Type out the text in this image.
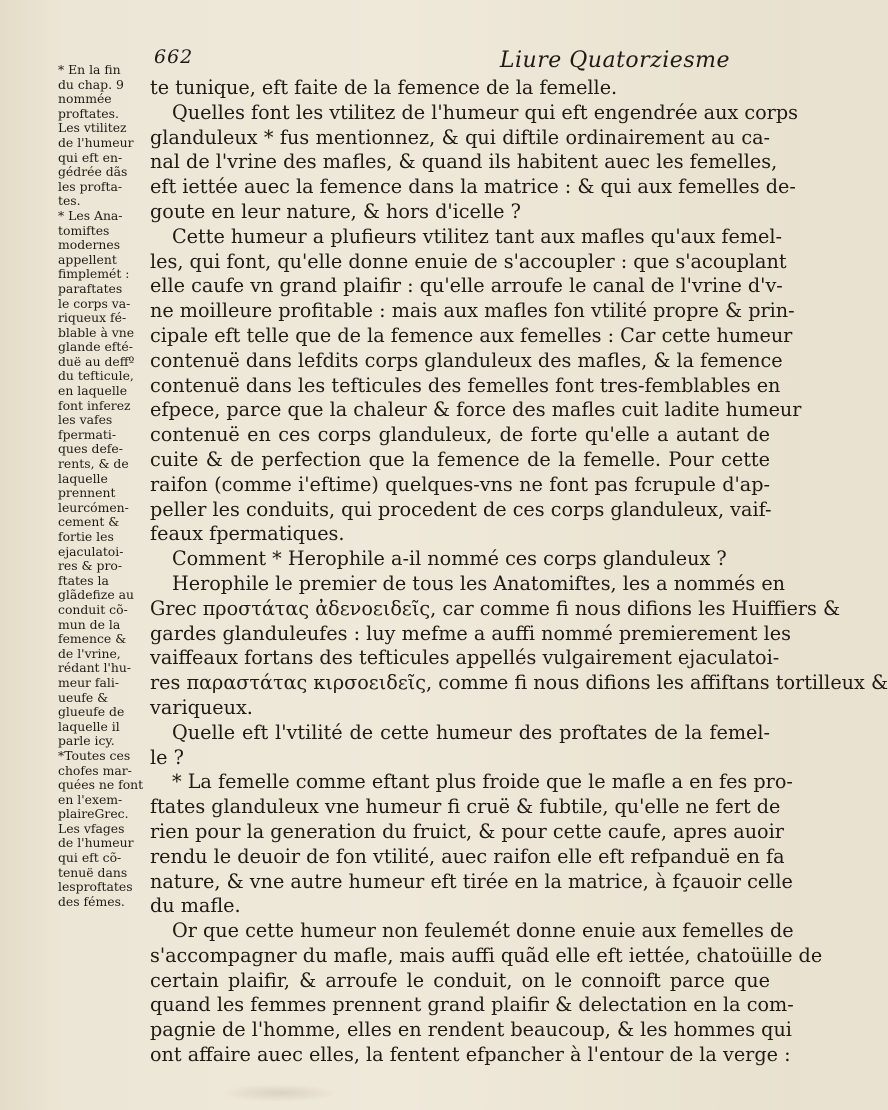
662	Liure Quatorziesme
* En la fin
du chap. 9
nommée
proftates.
Les vtilitez
de l'humeur
qui eft en-
gédrée dãs
les profta-
tes.
* Les Ana-
tomiftes
modernes
appellent
fimplemét :
paraftates
le corps va-
riqueux fé-
blable à vne
glande efté-
duë au deffº
du tefticule,
en laquelle
font inferez
les vafes
fpermati-
ques defe-
rents, & de
laquelle
prennent
leurcómen-
cement &
fortie les
ejaculatoi-
res & pro-
ftates la
glãdefize au
conduit cõ-
mun de la
femence &
de l'vrine,
rédant l'hu-
meur fali-
ueufe &
glueufe de
laquelle il
parle icy.
*Toutes ces
chofes mar-
quées ne font
en l'exem-
plaireGrec.
Les vfages
de l'humeur
qui eft cõ-
tenuë dans
lesproftates
des fémes.
te tunique, eft faite de la femence de la femelle.
Quelles font les vtilitez de l'humeur qui eft engendrée aux corps
glanduleux * fus mentionnez, & qui diftile ordinairement au ca-
nal de l'vrine des mafles, & quand ils habitent auec les femelles,
eft iettée auec la femence dans la matrice : & qui aux femelles de-
goute en leur nature, & hors d'icelle ?
Cette humeur a plufieurs vtilitez tant aux mafles qu'aux femel-
les, qui font, qu'elle donne enuie de s'accoupler : que s'acouplant
elle caufe vn grand plaifir : qu'elle arroufe le canal de l'vrine d'v-
ne moilleure profitable : mais aux mafles fon vtilité propre & prin-
cipale eft telle que de la femence aux femelles : Car cette humeur
contenuë dans lefdits corps glanduleux des mafles, & la femence
contenuë dans les tefticules des femelles font tres-femblables en
efpece, parce que la chaleur & force des mafles cuit ladite humeur
contenuë en ces corps glanduleux, de forte qu'elle a autant de
cuite & de perfection que la femence de la femelle. Pour cette
raifon (comme i'eftime) quelques-vns ne font pas fcrupule d'ap-
peller les conduits, qui procedent de ces corps glanduleux, vaif-
feaux fpermatiques.
Comment * Herophile a-il nommé ces corps glanduleux ?
Herophile le premier de tous les Anatomiftes, les a nommés en
Grec προστάτας ἀδενοειδεῖς, car comme fi nous difions les Huiffiers &
gardes glanduleufes : luy mefme a auffi nommé premierement les
vaiffeaux fortans des tefticules appellés vulgairement ejaculatoi-
res παραστάτας κιρσοειδεῖς, comme fi nous difions les affiftans tortilleux &
variqueux.
Quelle eft l'vtilité de cette humeur des proftates de la femel-
le ?
* La femelle comme eftant plus froide que le mafle a en fes pro-
ftates glanduleux vne humeur fi cruë & fubtile, qu'elle ne fert de
rien pour la generation du fruict, & pour cette caufe, apres auoir
rendu le deuoir de fon vtilité, auec raifon elle eft refpanduë en fa
nature, & vne autre humeur eft tirée en la matrice, à fçauoir celle
du mafle.
Or que cette humeur non feulemét donne enuie aux femelles de
s'accompagner du mafle, mais auffi quãd elle eft iettée, chatoüille de
certain plaifir, & arroufe le conduit, on le connoift parce que
quand les femmes prennent grand plaifir & delectation en la com-
pagnie de l'homme, elles en rendent beaucoup, & les hommes qui
ont affaire auec elles, la fentent efpancher à l'entour de la verge :
